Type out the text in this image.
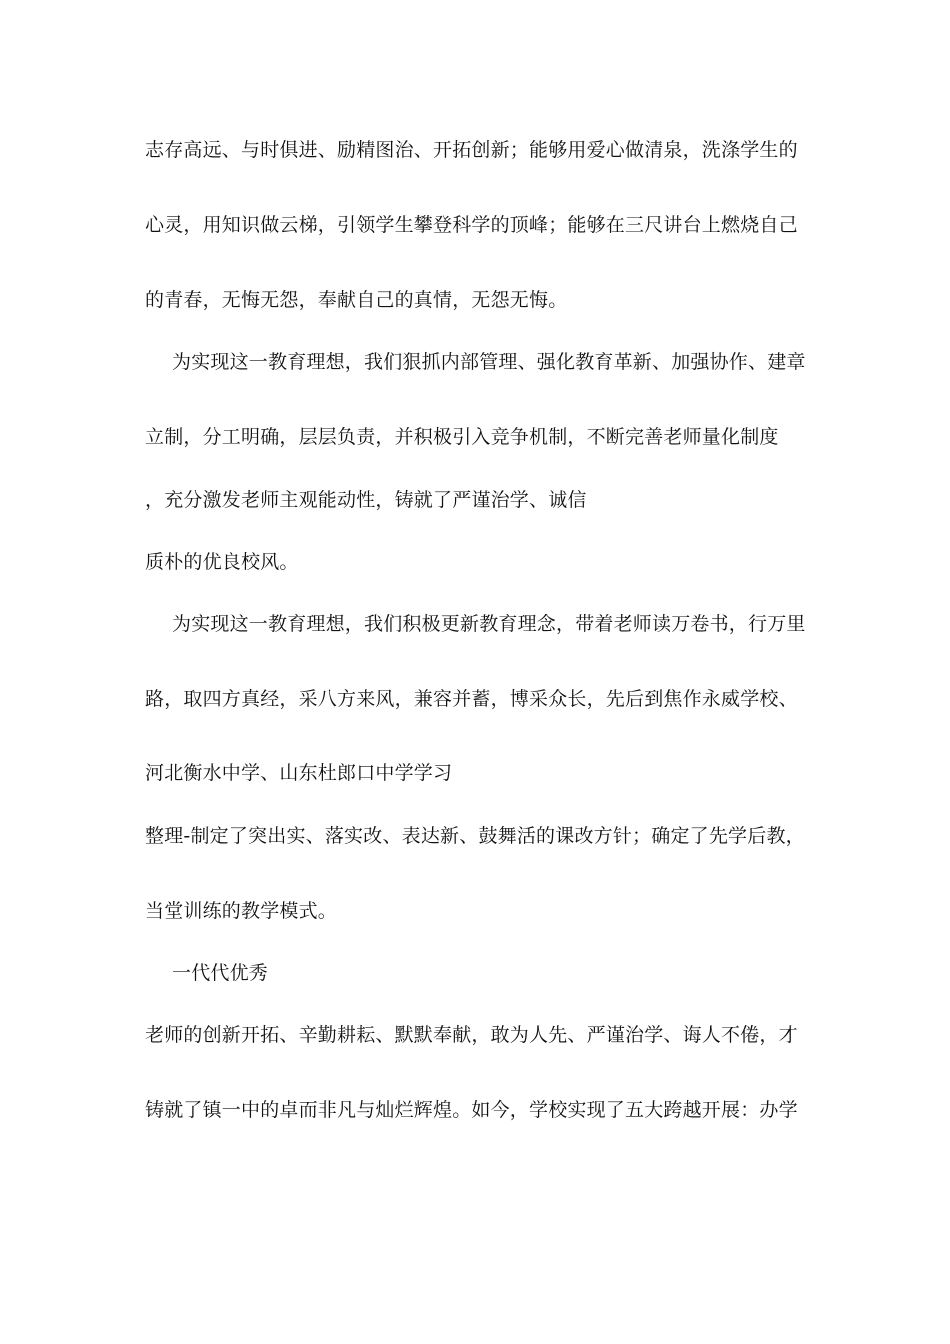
志存高远、与时俱进、励精图治、开拓创新；能够用爱心做清泉，洗涤学生的
心灵，用知识做云梯，引领学生攀登科学的顶峰；能够在三尺讲台上燃烧自己
的青春，无悔无怨，奉献自己的真情，无怨无悔。
为实现这一教育理想，我们狠抓内部管理、强化教育革新、加强协作、建章
立制，分工明确，层层负责，并积极引入竞争机制，不断完善老师量化制度
，充分激发老师主观能动性，铸就了严谨治学、诚信
质朴的优良校风。
为实现这一教育理想，我们积极更新教育理念，带着老师读万卷书，行万里
路，取四方真经，采八方来风，兼容并蓄，博采众长，先后到焦作永威学校、
河北衡水中学、山东杜郎口中学学习
整理-制定了突出实、落实改、表达新、鼓舞活的课改方针；确定了先学后教，
当堂训练的教学模式。
一代代优秀
老师的创新开拓、辛勤耕耘、默默奉献，敢为人先、严谨治学、诲人不倦，才
铸就了镇一中的卓而非凡与灿烂辉煌。如今，学校实现了五大跨越开展：办学
